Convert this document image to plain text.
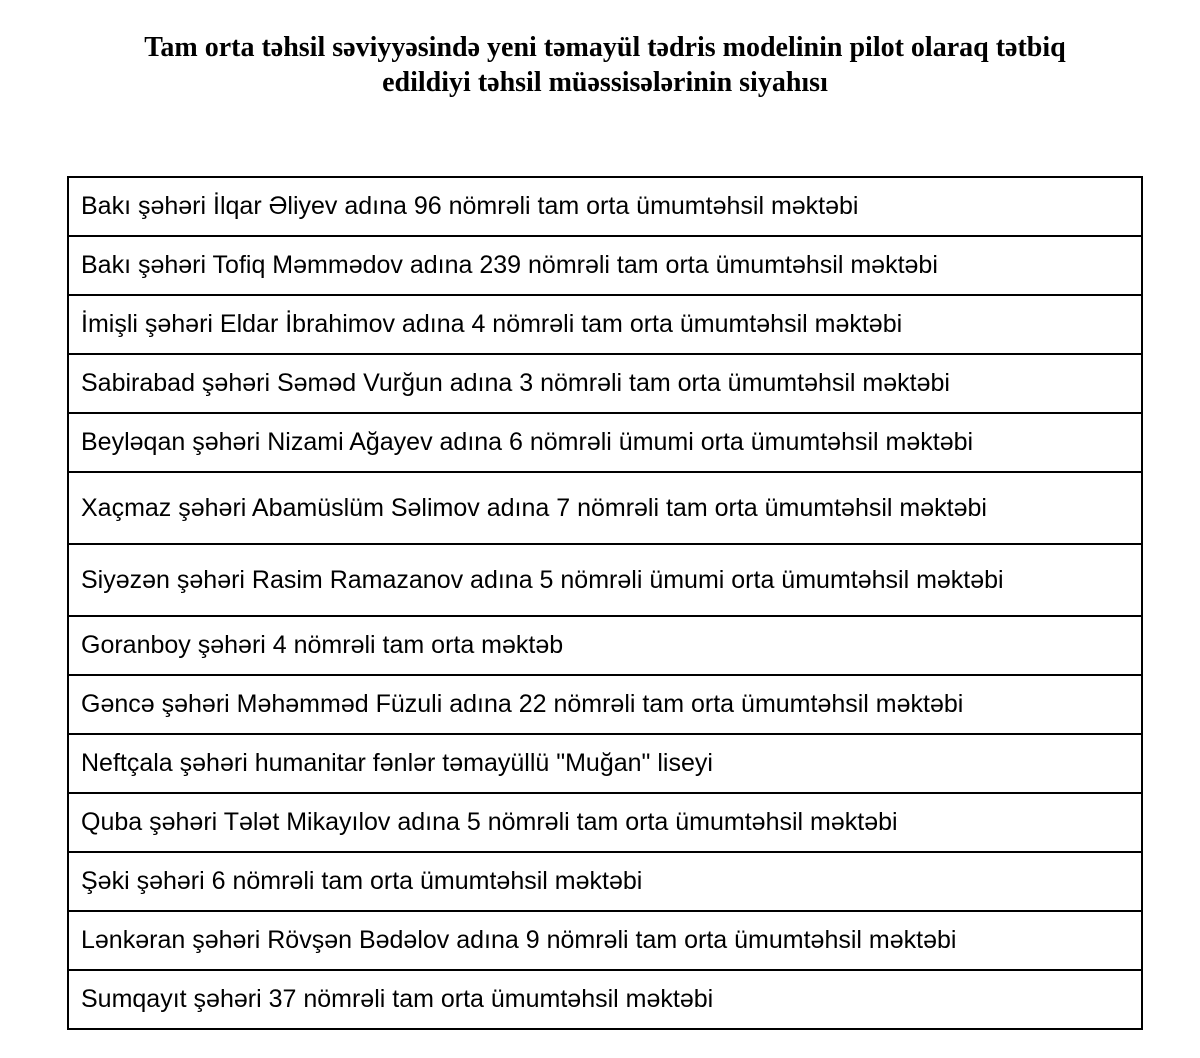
Tam orta təhsil səviyyəsində yeni təmayül tədris modelinin pilot olaraq tətbiq
edildiyi təhsil müəssisələrinin siyahısı
Bakı şəhəri İlqar Əliyev adına 96 nömrəli tam orta ümumtəhsil məktəbi
Bakı şəhəri Tofiq Məmmədov adına 239 nömrəli tam orta ümumtəhsil məktəbi
İmişli şəhəri Eldar İbrahimov adına 4 nömrəli tam orta ümumtəhsil məktəbi
Sabirabad şəhəri Səməd Vurğun adına 3 nömrəli tam orta ümumtəhsil məktəbi
Beyləqan şəhəri Nizami Ağayev adına 6 nömrəli ümumi orta ümumtəhsil məktəbi
Xaçmaz şəhəri Abamüslüm Səlimov adına 7 nömrəli tam orta ümumtəhsil məktəbi
Siyəzən şəhəri Rasim Ramazanov adına 5 nömrəli ümumi orta ümumtəhsil məktəbi
Goranboy şəhəri 4 nömrəli tam orta məktəb
Gəncə şəhəri Məhəmməd Füzuli adına 22 nömrəli tam orta ümumtəhsil məktəbi
Neftçala şəhəri humanitar fənlər təmayüllü "Muğan" liseyi
Quba şəhəri Tələt Mikayılov adına 5 nömrəli tam orta ümumtəhsil məktəbi
Şəki şəhəri 6 nömrəli tam orta ümumtəhsil məktəbi
Lənkəran şəhəri Rövşən Bədəlov adına 9 nömrəli tam orta ümumtəhsil məktəbi
Sumqayıt şəhəri 37 nömrəli tam orta ümumtəhsil məktəbi
